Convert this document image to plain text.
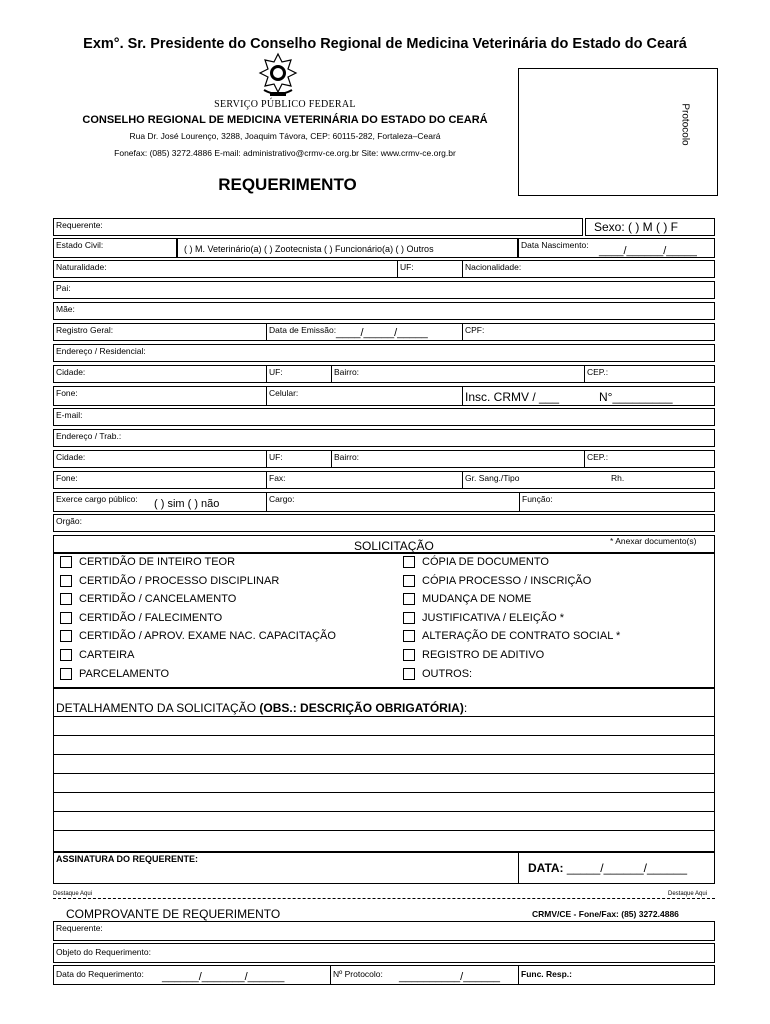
Exm°. Sr. Presidente do Conselho Regional de Medicina Veterinária do Estado do Ceará
SERVIÇO PÚBLICO FEDERAL
CONSELHO REGIONAL DE MEDICINA VETERINÁRIA DO ESTADO DO CEARÁ
Rua Dr. José Lourenço, 3288, Joaquim Távora, CEP: 60115-282, Fortaleza–Ceará
Fonefax: (085) 3272.4886 E-mail: administrativo@crmv-ce.org.br Site: www.crmv-ce.org.br
REQUERIMENTO
Protocolo
Requerente:	Sexo: ( ) M ( ) F
Estado Civil:	( ) M. Veterinário(a) ( ) Zootecnista ( ) Funcionário(a) ( ) Outros	Data Nascimento: ____/______/_____
Naturalidade:	UF:	Nacionalidade:
Pai:
Mãe:
Registro Geral:	Data de Emissão: ____/_____/_____	CPF:
Endereço / Residencial:
Cidade:	UF:	Bairro:	CEP.:
Fone:	Celular:	Insc. CRMV / ___	N°_________
E-mail:
Endereço / Trab.:
Cidade:	UF:	Bairro:	CEP.:
Fone:	Fax:	Gr. Sang./Tipo	Rh.
Exerce cargo público: ( ) sim ( ) não	Cargo:	Função:
Orgão:
SOLICITAÇÃO	* Anexar documento(s)
CERTIDÃO DE INTEIRO TEOR
CERTIDÃO / PROCESSO DISCIPLINAR
CERTIDÃO / CANCELAMENTO
CERTIDÃO / FALECIMENTO
CERTIDÃO / APROV. EXAME NAC. CAPACITAÇÃO
CARTEIRA
PARCELAMENTO
CÓPIA DE DOCUMENTO
CÓPIA PROCESSO / INSCRIÇÃO
MUDANÇA DE NOME
JUSTIFICATIVA / ELEIÇÃO *
ALTERAÇÃO DE CONTRATO SOCIAL *
REGISTRO DE ADITIVO
OUTROS:
DETALHAMENTO DA SOLICITAÇÃO (OBS.: DESCRIÇÃO OBRIGATÓRIA):
ASSINATURA DO REQUERENTE:
DATA: _____/______/______
Destaque Aqui	Destaque Aqui
COMPROVANTE DE REQUERIMENTO	CRMV/CE - Fone/Fax: (85) 3272.4886
Requerente:
Objeto do Requerimento:
Data do Requerimento: ______/_______/______	Nº Protocolo: __________/______ Func. Resp.:
